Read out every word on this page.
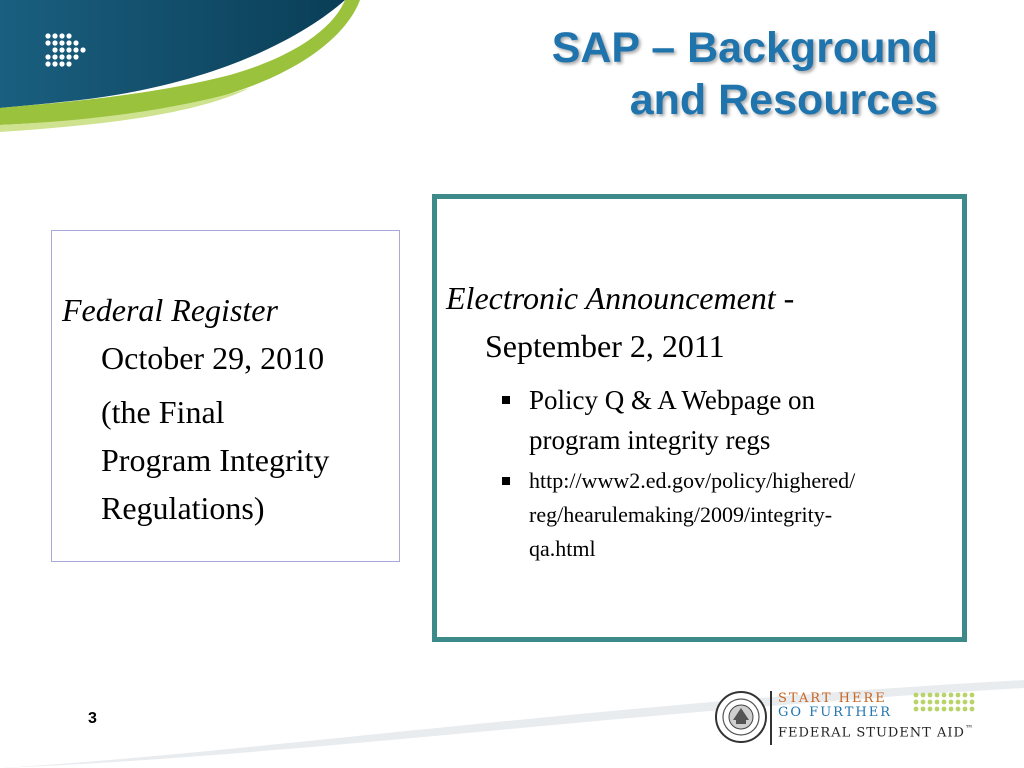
SAP – Background
and Resources
Federal Register
October 29, 2010
(the Final
Program Integrity
Regulations)
Electronic Announcement -
September 2, 2011
Policy Q & A Webpage on
program integrity regs
http://www2.ed.gov/policy/highered/
reg/hearulemaking/2009/integrity-
qa.html
3
START HERE
GO FURTHER
FEDERAL STUDENT AID™
